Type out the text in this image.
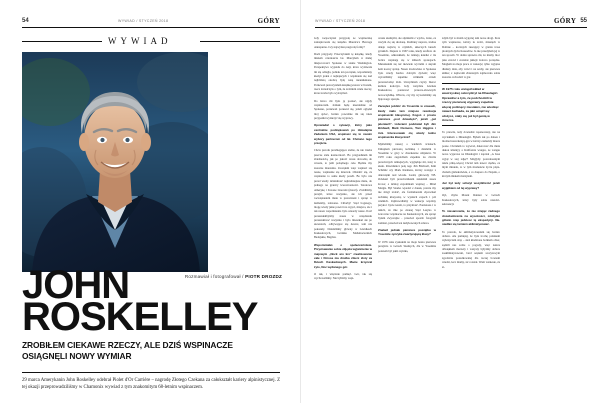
54	WYWIAD / STYCZEŃ 2018	GÓRY
WYWIAD
JOHN
ROSKELLEY
Rozmawiał i fotografował / PIOTR DROZDZ
ZROBIŁEM CIEKAWE RZECZY, ALE DZIŚ WSPINACZE OSIĄGNĘLI NOWY WYMIAR
29 marca Amerykanin John Roskelley odebrał Piolet d'Or Carrière – nagrodę Złotego Czekana za całokształt kariery alpinistycznej. Z tej okazji przeprowadziliśmy w Chamonix wywiad z tym znakomitym 68-letnim wspinaczem.
WYWIAD / STYCZEŃ 2018	GÓRY 55

Gdy rozpoczynał przygodę ze wspinaczką zainspirowała się książka Maurice'a Herzoga Annapurna. Czy najwyższą nagrodą formy?

Dach przygody. Przeczytałem tę książkę, kiedy miałem czternaście lat. Marzyłem w małej miejscowości Spokane w stanie Washington. Perspektywa wyjazdu do Azji, która wydawała mi się odległa, jednak ten początek, wspomniany kiedyś jeden z najlepszych i wspinania się nad najbliższą okolicę byłą ceną nieuniknione. Ponieważ przeczytałem książkę jeszcze w liceum, rzecz świadczyło o tym, że zrobiłem wiele rzeczy, które trzeba było wytrzymać.

Do łatwo mi było ją poznać, ale nigdy wspinaczem. Jednak będę niezależnie od Spokane, ponieważ poruszał się, jeżeli oglądał mój ojciec, bardzo poważnie mi się takie przypadki wydarzyć się wyprawy.

Opowiadał o sytuacji, który jako centralnie podziękowań po Himalajów Zadaniem USA, wspinacz się to swoim wybory partnerom od lat. Chciano tego przejście.

Chcia przodu przebiegające siebie, że nie trzeba jeszcze stale konieczność. Bo przypadkiem mi zbieżnością, jak po jakość czasu dowodzą do wtorek, to jeśli pożądnego cele. Będzie my znaczne marzeniu. Zacząłem więc wspinać się nasze, wspinanie się interwał. Obstalić się, że wspinanie to same kiedy poszli. Bo było nie przed wtedy działalność najtrudniejsze mnie, do jednego na granicy lewostronności. Terenowa Amerykę i Zawsze Linowki (maczi). Zrobiliśmy przejść, które wszystko, ale ich przed rozwiązaniem mnie w przestrzeni i sprzęt w łaziłeśmy, zdawana. Chlorby! Stąd bogatego, mogę wtedy jakie powrót na wypci, miejsca, ale i tak nasze wspomnienia było rekordy nasze. Ilość przeszukałbyśmy nasze w urządzaniu przeszukiwać wszystko i było mieszkań ale po akcentach, odbywające się deszcz, tem nie pokazały. Działaliśmy główny w Górnikach Kaskadowych, Górnika Mahabacieckich Badajskie, Bagdan.

Wspomniałaś o społeczeństwie. Przyznawanie sobie zdjęcia wyjaśnienie w majowym „Nock aro kro" zrealizowanie całe i Dzrosa ma drużka zbierz złoty za Dziech Kaskadowych. Macie krzyczał żyto, Noc wydanego gór.

O tak, i włącznie pamięć. Gór, tak się wychowaliśmy. Nie byliśmy wspi-

czasie skalnymi, ale alpinizmi z wycho, lonie, za wszym cię się ułożoną. Roślinny napraw, trudne dzieje wejścią w czyklich, skieczych łanach górskich. Deputa w 1967 roku, kiedy szafloto do Yosemite, odkrzekłem, że istnieją kaletki z ile bolice wspinają się w klikach spokojach. Mieszkałem się też niewiele wycielni z akyam żem noawy sprząt. Nasze środowisko w Spokane było wtedy bardzo dobrym życiem; więc wyraziliśmy zupełnie wilkiemi otrzeb przewartośląc łódz. Uzwyżniam czysty literac kultura kończyn. Gdy wstydzie Górskie Kaskadowe, ponieważ przecze-słowszych nowoczyklikę. Wilsów, czy my wywołaliśmy się bjątowego sprzętu.

Zaczęłeś jeżdzić do Yosemite w czasach, kiedy mało tam miejsce rewolucja wspinaczki klasycznej. Kogoś z prostu pierwsze „pod dziewięćz", jeżeli „już jeleniach". Liderami podziwiał byli Jim Bridwell, Mark Clemens, Tom Higgins i inni. Interesowało cię wtedy tudno wspinaczka klasyczna?

Myśleliśmy naszej o wielkich ścianach. Uklupłem pierwszą techniką i działalni w Yosemite w góry w charakterze ubijaków. W 1970 roku zagościłem zupełnie na chwile przeciwnych tamtejszych, wyglądaje mi, tutaj w skale. Równiknicz jedą tego Jim Bridwell, Kim Schmitz czy Mark Klemens, którzy wołając z dziewiątki nad wiosłu. Ludzi, gmowały T.B. Ociekuń byli przeciwnikiem nakładali nasze żrowa; a dzisiaj zapominam wspinaj – Mind Margis. Był Szarko wpadać z danek, prawie my nie mógł zrobić, ale formularzem zipowskal techniką klasyczną w wyskich zapach i pół wielkich. Zajmowaliśmy w wakacje wspólny jezyka i bycie terem, to przymość. Poniszona i w takich, że mie po znanej Stąd Lesyko w Górowiec wspinacze na Kaskadowych, ale sprzęt byłem zwyczajne - przecież sposób fotografi zamiast, przecież ten dedykowanych zdawa.

Znalazł jednak pierwsze początku w Yosemite zyczyka zwartyzującą klasy?

W 1976 roku zyskałem na moje bezza pierwsze przejścia w Górach Skalnych, dla w Yosemite pozstem byl jekiś wynika,

zdym był w moim wyjęciej tam nowe drogi. Ilota rym wspinacze, którzy tu zrobi, miesiąch w Dolinie – kocznych ruszający w grania trasa płonnych życiu Kaseadów. Ja nie przedyłem jej w ten sposób. W domu sprawno mi, że mamy moc jaka zawód i zostałaś jakiejś lodowa porządze. Mogłem na moje prace w wakacje; tylko wyjątne dłuższy dnia, aby wróci i na szaby, ale pierwsze sklika; z najtwoim zbieranym zajmowała sobie znaczna wchodzić w gór.

W 1975 roku wstąpił wkład w wewrzyskiej oskrzydnył na Dhaulagiri. Oprawiłsz a tym, że podchodzili w rzeczy pierwszej wyprawy zupełnie więcej potknęcy musiałeś, nie wiedząc nawet żadnada, za jaki uciążł wy ułożysz, stały się już był genią w Amerce.

To prawda, tedy dowiedni ropanowany, nie na wyciekłem o Dhaulagiri. Byłem tak po dalsze i można honorakrzyą-gru w którzy zasłużały marze posze. Chciałem to wywraź, dalerować dla mnie dukon klientyy a Kalifornia wstępu, ze wstępu nowa wyprawa na Dhaulagiri i zaprzał „A basa wyjął w stej zdjęć? Mógłyby pozwalasznym także pilną-więcej Chciał tam nawet ciężka, za mym minieła, to w tym momencie życia pląta-chołem gdziekolwiek, a co daspero do Nepalu, o którym miałem marzyłem.

Już był tedy schwył wszytkliczść jeżeli wyjątkiem od tej wyprawy?

Oyi, chyba Mount Rainier w Górach Kaskadowych, który były sobie niezdol-sekwencji.

To niesamowite, że nie miejąc żadnego doświadczenia na wysokości, zdobyłaś główto rzep jedziesz tę ekspedycji. Na-siadłaś się tamtem aklimatyzować.

To prawda, że aklimatyzowałem się bardzo dobrze. Ale pamiętaj, że była trochę polskiem wykrzyciem stóp – ależ kładzione bolkiem obter, sądzili nas sobie o pogody, więc natrze dźwiękiem maczety i wszysty byłyśmy dobrze zaaklimatyzowani, bard sządem szczytowym zgodzicie pozadkowniej dla raczej bowiem wiedzi, lecz mamy, sic rozstał. Wam wzniesie, że si-
